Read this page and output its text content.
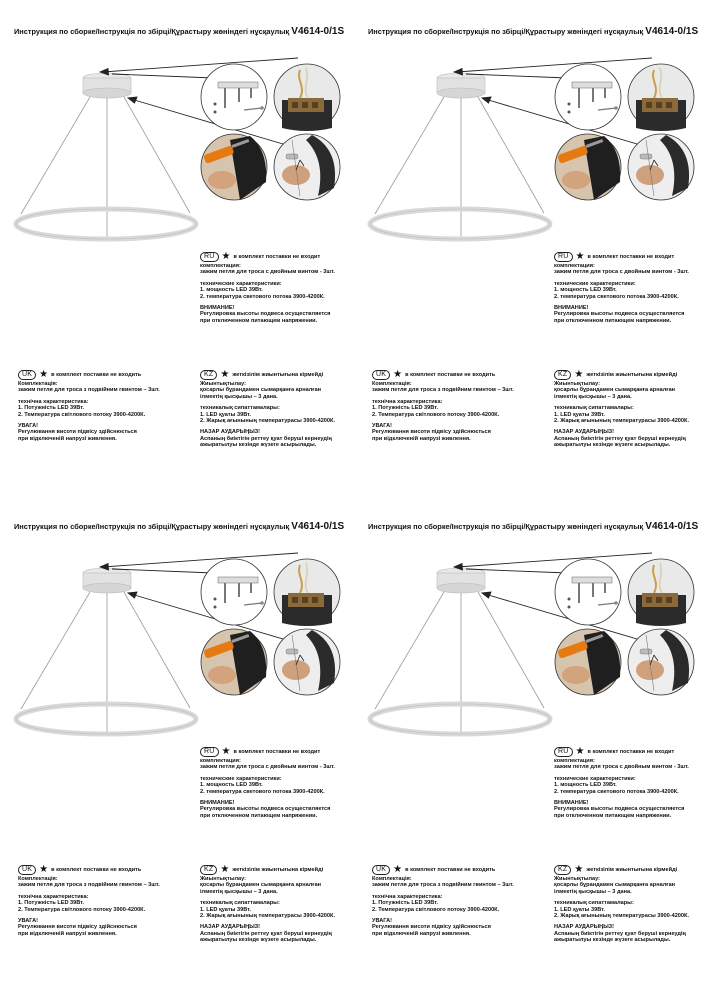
Инструкция по сборке/Інструкція по збірці/Құрастыру жөніндегі нұсқаулық V4614-0/1S
RU ★ в комплект поставки не входит
комплектация:
зажим петля для троса с двойным винтом - 3шт.
технические характеристики:
1. мощность LED 39Вт.
2. температура светового потока 3900-4200К.
ВНИМАНИЕ!
Регулировка высоты подвеса осуществляется
при отключенном питающем напряжении.
UK ★ в комплект поставки не входить
Комплектація:
зажим петля для троса з подвійним гвинтом – 3шт.
технічна характеристика:
1. Потужність LED 39Вт.
2. Температура світлового потоку 3900-4200К.
УВАГА!
Регулювання висоти підвісу здійснюється
при відключеній напрузі живлення.
KZ ★ жеткізілім жиынтығына кірмейді
Жиынтықтылау:
қосарлы бұрандамен сымарқанға арналған
ілмектің қысқышы – 3 дана.
техникалық сипаттамалары:
1. LED қуаты 39Вт.
2. Жарық ағынының температурасы 3900-4200К.
НАЗАР АУДАРЫҢЫЗ!
Аспаның биіктігін реттеу қуат беруші кернеудің
ажыратылуы кезінде жүзеге асырылады.
Инструкция по сборке/Інструкція по збірці/Құрастыру жөніндегі нұсқаулық V4614-0/1S
RU ★ в комплект поставки не входит
комплектация:
зажим петля для троса с двойным винтом - 3шт.
технические характеристики:
1. мощность LED 39Вт.
2. температура светового потока 3900-4200К.
ВНИМАНИЕ!
Регулировка высоты подвеса осуществляется
при отключенном питающем напряжении.
UK ★ в комплект поставки не входить
Комплектація:
зажим петля для троса з подвійним гвинтом – 3шт.
технічна характеристика:
1. Потужність LED 39Вт.
2. Температура світлового потоку 3900-4200К.
УВАГА!
Регулювання висоти підвісу здійснюється
при відключеній напрузі живлення.
KZ ★ жеткізілім жиынтығына кірмейді
Жиынтықтылау:
қосарлы бұрандамен сымарқанға арналған
ілмектің қысқышы – 3 дана.
техникалық сипаттамалары:
1. LED қуаты 39Вт.
2. Жарық ағынының температурасы 3900-4200К.
НАЗАР АУДАРЫҢЫЗ!
Аспаның биіктігін реттеу қуат беруші кернеудің
ажыратылуы кезінде жүзеге асырылады.
Инструкция по сборке/Інструкція по збірці/Құрастыру жөніндегі нұсқаулық V4614-0/1S
RU ★ в комплект поставки не входит
комплектация:
зажим петля для троса с двойным винтом - 3шт.
технические характеристики:
1. мощность LED 39Вт.
2. температура светового потока 3900-4200К.
ВНИМАНИЕ!
Регулировка высоты подвеса осуществляется
при отключенном питающем напряжении.
UK ★ в комплект поставки не входить
Комплектація:
зажим петля для троса з подвійним гвинтом – 3шт.
технічна характеристика:
1. Потужність LED 39Вт.
2. Температура світлового потоку 3900-4200К.
УВАГА!
Регулювання висоти підвісу здійснюється
при відключеній напрузі живлення.
KZ ★ жеткізілім жиынтығына кірмейді
Жиынтықтылау:
қосарлы бұрандамен сымарқанға арналған
ілмектің қысқышы – 3 дана.
техникалық сипаттамалары:
1. LED қуаты 39Вт.
2. Жарық ағынының температурасы 3900-4200К.
НАЗАР АУДАРЫҢЫЗ!
Аспаның биіктігін реттеу қуат беруші кернеудің
ажыратылуы кезінде жүзеге асырылады.
Инструкция по сборке/Інструкція по збірці/Құрастыру жөніндегі нұсқаулық V4614-0/1S
RU ★ в комплект поставки не входит
комплектация:
зажим петля для троса с двойным винтом - 3шт.
технические характеристики:
1. мощность LED 39Вт.
2. температура светового потока 3900-4200К.
ВНИМАНИЕ!
Регулировка высоты подвеса осуществляется
при отключенном питающем напряжении.
UK ★ в комплект поставки не входить
Комплектація:
зажим петля для троса з подвійним гвинтом – 3шт.
технічна характеристика:
1. Потужність LED 39Вт.
2. Температура світлового потоку 3900-4200К.
УВАГА!
Регулювання висоти підвісу здійснюється
при відключеній напрузі живлення.
KZ ★ жеткізілім жиынтығына кірмейді
Жиынтықтылау:
қосарлы бұрандамен сымарқанға арналған
ілмектің қысқышы – 3 дана.
техникалық сипаттамалары:
1. LED қуаты 39Вт.
2. Жарық ағынының температурасы 3900-4200К.
НАЗАР АУДАРЫҢЫЗ!
Аспаның биіктігін реттеу қуат беруші кернеудің
ажыратылуы кезінде жүзеге асырылады.
